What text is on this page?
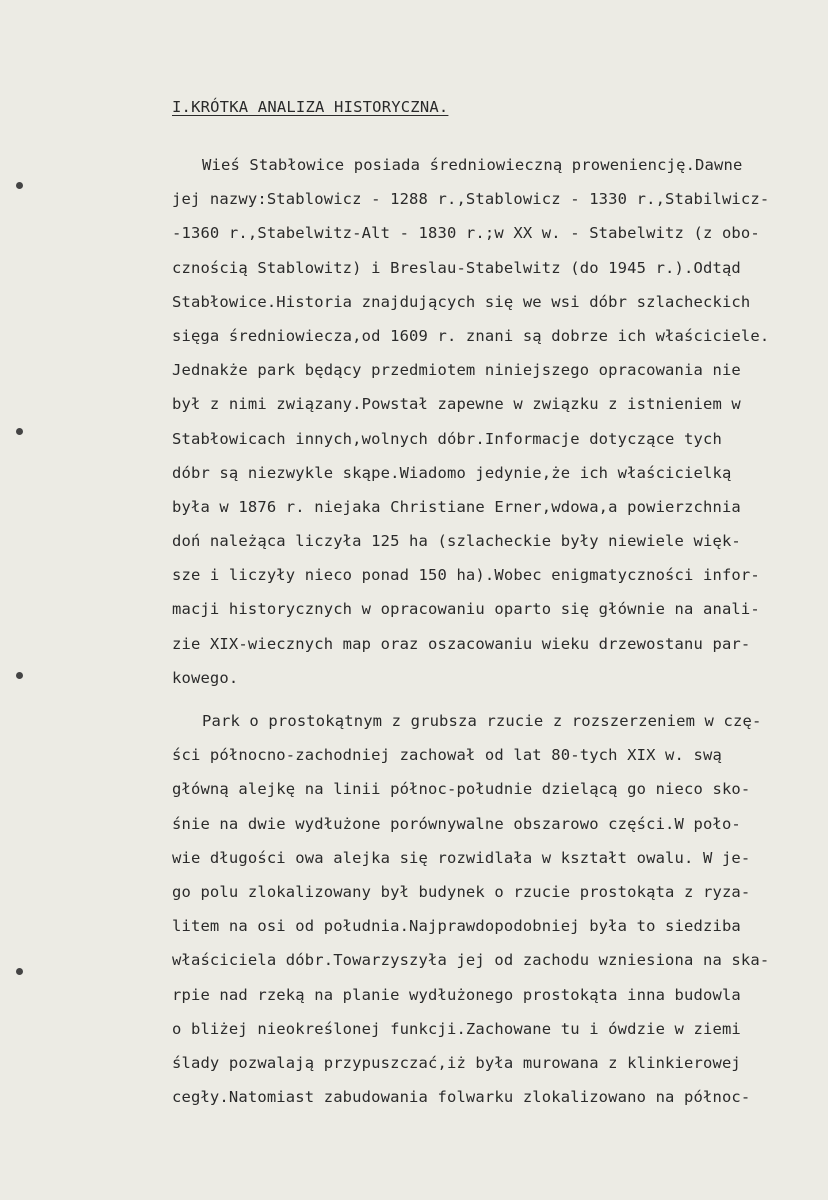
I.KRÓTKA ANALIZA HISTORYCZNA.
Wieś Stabłowice posiada średniowieczną proweniencję.Dawne
jej nazwy:Stablowicz - 1288 r.,Stablowicz - 1330 r.,Stabilwicz-
-1360 r.,Stabelwitz-Alt - 1830 r.;w XX w. - Stabelwitz (z obo-
cznością Stablowitz) i Breslau-Stabelwitz (do 1945 r.).Odtąd
Stabłowice.Historia znajdujących się we wsi dóbr szlacheckich
sięga średniowiecza,od 1609 r. znani są dobrze ich właściciele.
Jednakże park będący przedmiotem niniejszego opracowania nie
był z nimi związany.Powstał zapewne w związku z istnieniem w
Stabłowicach innych,wolnych dóbr.Informacje dotyczące tych
dóbr są niezwykle skąpe.Wiadomo jedynie,że ich właścicielką
była w 1876 r. niejaka Christiane Erner,wdowa,a powierzchnia
doń należąca liczyła 125 ha (szlacheckie były niewiele więk-
sze i liczyły nieco ponad 150 ha).Wobec enigmatyczności infor-
macji historycznych w opracowaniu oparto się głównie na anali-
zie XIX-wiecznych map oraz oszacowaniu wieku drzewostanu par-
kowego.
Park o prostokątnym z grubsza rzucie z rozszerzeniem w czę-
ści północno-zachodniej zachował od lat 80-tych XIX w. swą
główną alejkę na linii północ-południe dzielącą go nieco sko-
śnie na dwie wydłużone porównywalne obszarowo części.W poło-
wie długości owa alejka się rozwidlała w kształt owalu. W je-
go polu zlokalizowany był budynek o rzucie prostokąta z ryza-
litem na osi od południa.Najprawdopodobniej była to siedziba
właściciela dóbr.Towarzyszyła jej od zachodu wzniesiona na ska-
rpie nad rzeką na planie wydłużonego prostokąta inna budowla
o bliżej nieokreślonej funkcji.Zachowane tu i ówdzie w ziemi
ślady pozwalają przypuszczać,iż była murowana z klinkierowej
cegły.Natomiast zabudowania folwarku zlokalizowano na północ-
